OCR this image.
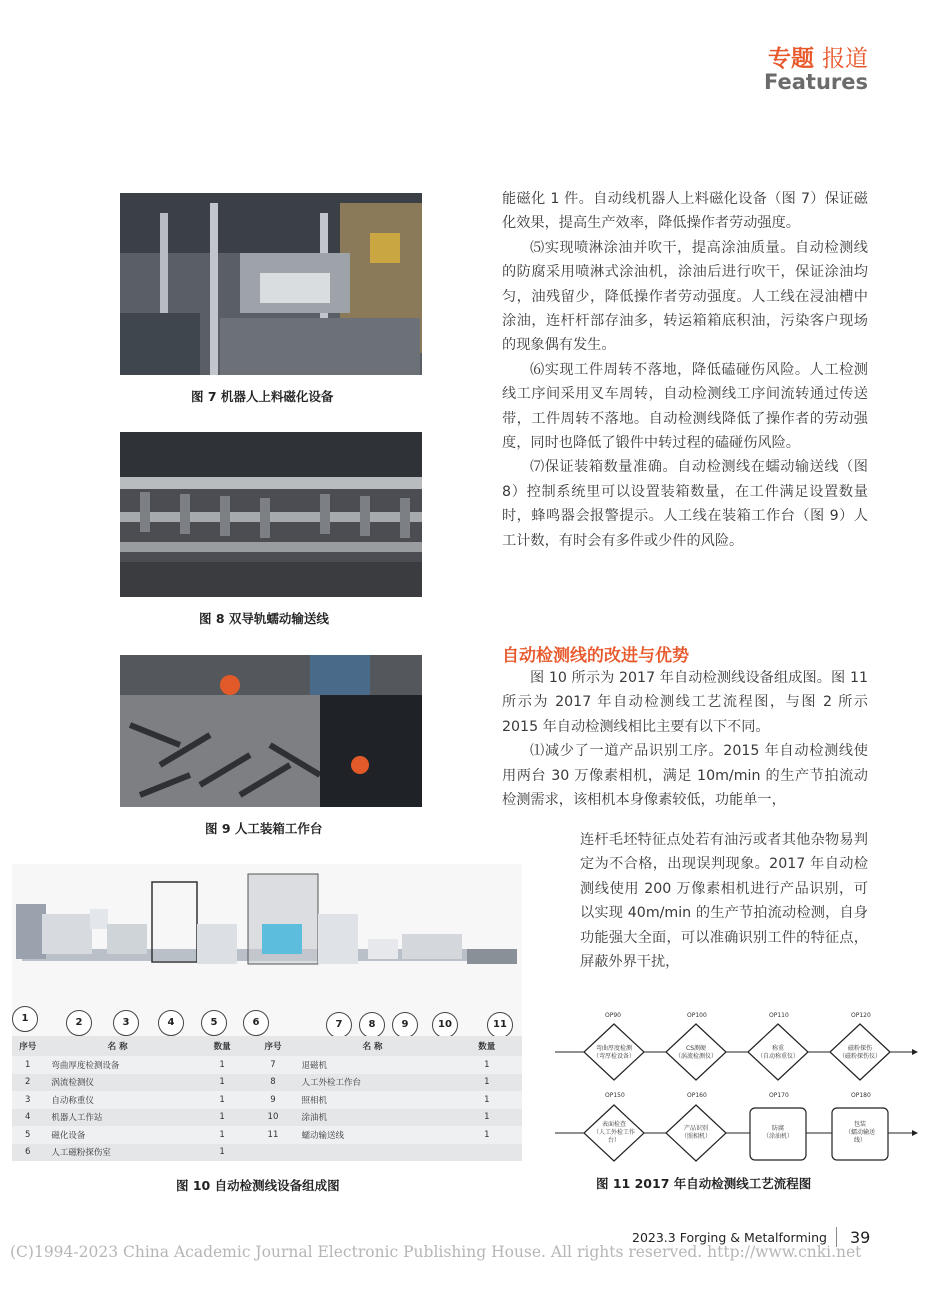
专题 报道
Features
图 7 机器人上料磁化设备
图 8 双导轨蠕动输送线
图 9 人工装箱工作台

能磁化 1 件。自动线机器人上料磁化设备（图 7）保证磁化效果，提高生产效率，降低操作者劳动强度。

⑸实现喷淋涂油并吹干，提高涂油质量。自动检测线的防腐采用喷淋式涂油机，涂油后进行吹干，保证涂油均匀，油残留少，降低操作者劳动强度。人工线在浸油槽中涂油，连杆杆部存油多，转运箱箱底积油，污染客户现场的现象偶有发生。

⑹实现工件周转不落地，降低磕碰伤风险。人工检测线工序间采用叉车周转，自动检测线工序间流转通过传送带，工件周转不落地。自动检测线降低了操作者的劳动强度，同时也降低了锻件中转过程的磕碰伤风险。

⑺保证装箱数量准确。自动检测线在蠕动输送线（图 8）控制系统里可以设置装箱数量，在工件满足设置数量时，蜂鸣器会报警提示。人工线在装箱工作台（图 9）人工计数，有时会有多件或少件的风险。

自动检测线的改进与优势

图 10 所示为 2017 年自动检测线设备组成图。图 11 所示为 2017 年自动检测线工艺流程图，与图 2 所示 2015 年自动检测线相比主要有以下不同。

⑴减少了一道产品识别工序。2015 年自动检测线使用两台 30 万像素相机，满足 10m/min 的生产节拍流动检测需求，该相机本身像素较低，功能单一，

连杆毛坯特征点处若有油污或者其他杂物易判定为不合格，出现误判现象。2017 年自动检测线使用 200 万像素相机进行产品识别，可以实现 40m/min 的生产节拍流动检测，自身功能强大全面，可以准确识别工件的特征点，屏蔽外界干扰，

1	2	3	4	5	6	7	8	9	10	11
序号	名 称	数量	序号	名 称	数量
1	弯曲厚度检测设备	1	7	退磁机	1
2	涡流检测仪	1	8	人工外检工作台	1
3	自动称重仪	1	9	照相机	1
4	机器人工作站	1	10	涂油机	1
5	磁化设备	1	11	蠕动输送线	1
6	人工磁粉探伤室	1			
图 10 自动检测线设备组成图
OP90	OP100	OP110	OP120
弯曲厚度检测
（弯厚检设备）
CS测硬
（涡流检测仪）
称重
（自动称重仪）
磁粉探伤
（磁粉探伤仪）
OP150	OP160	OP170	OP180
表面检查
（人工外检工作
台）
产品识别
（照相机）
防腐
（涂油机）
包装
（蠕动输送
线）
图 11 2017 年自动检测线工艺流程图
2023.3 Forging & Metalforming 39
(C)1994-2023 China Academic Journal Electronic Publishing House. All rights reserved. http://www.cnki.net
